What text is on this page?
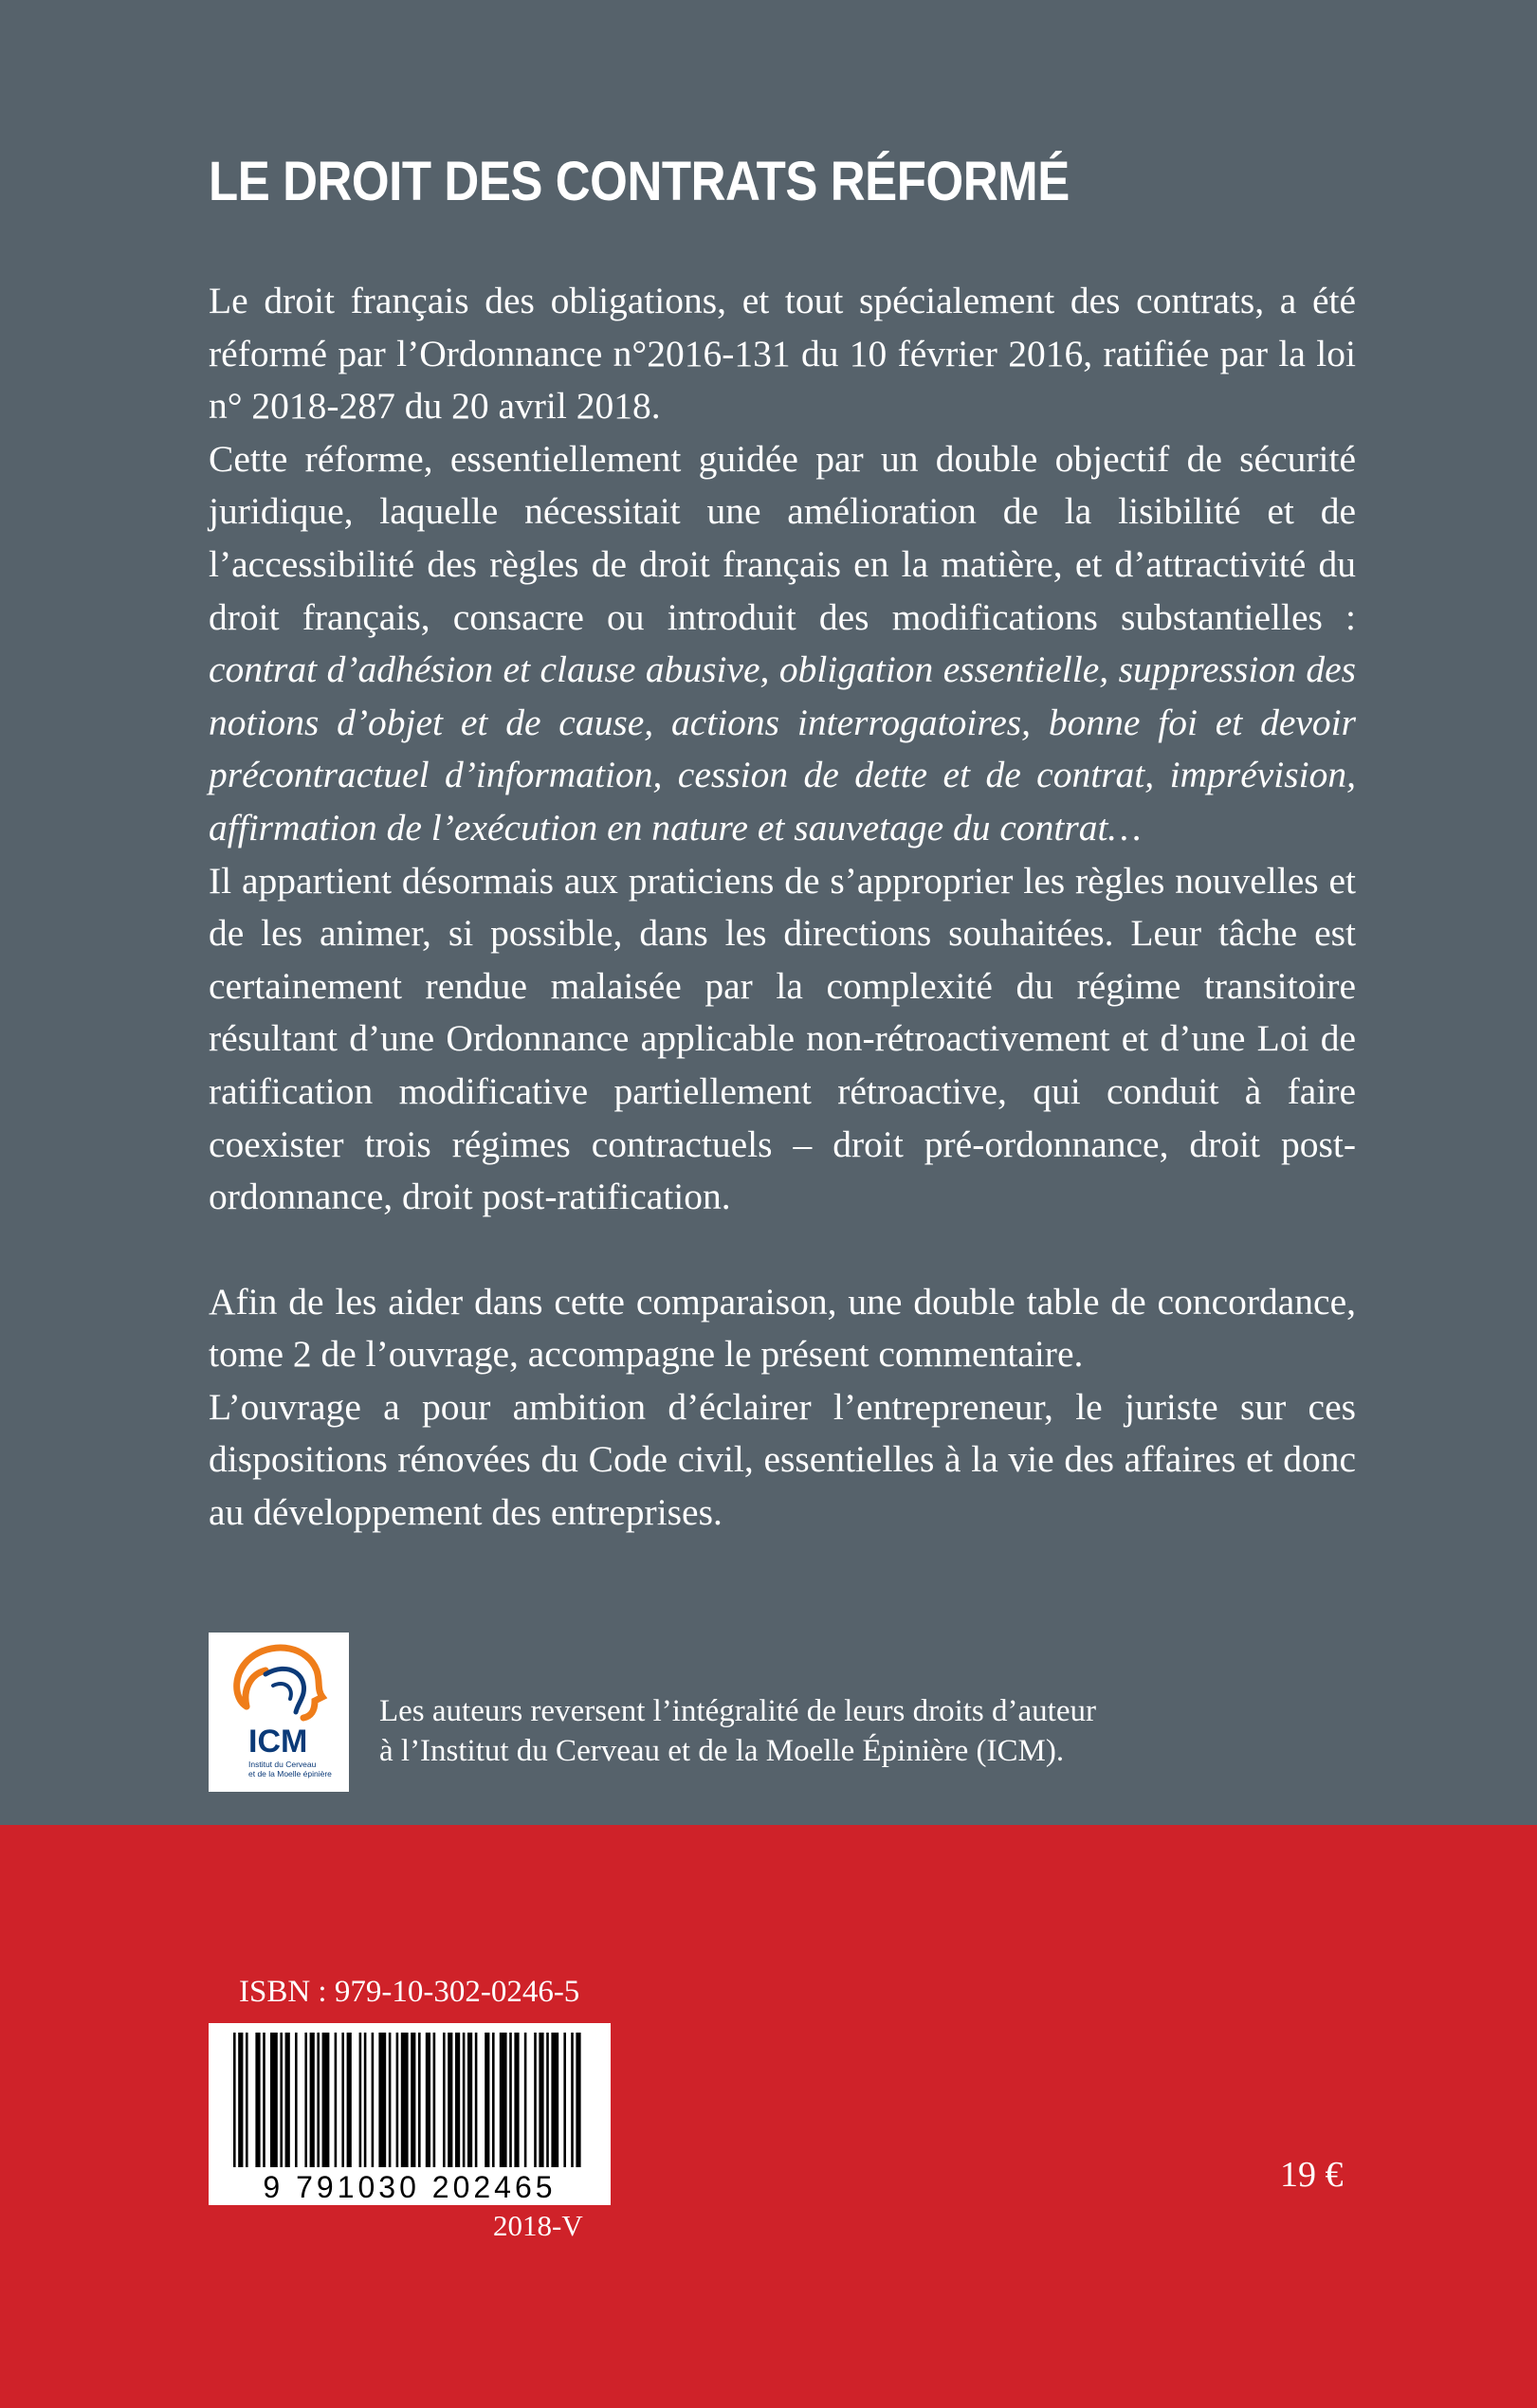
LE DROIT DES CONTRATS RÉFORMÉ

Le droit français des obligations, et tout spécialement des contrats, a été réformé par l’Ordonnance n°2016-131 du 10 février 2016, ratifiée par la loi n° 2018-287 du 20 avril 2018.

Cette réforme, essentiellement guidée par un double objectif de sécurité juridique, laquelle nécessitait une amélioration de la lisibilité et de l’accessibilité des règles de droit français en la matière, et d’attractivité du droit français, consacre ou introduit des modifications substantielles : contrat d’adhésion et clause abusive, obligation essentielle, suppression des notions d’objet et de cause, actions interrogatoires, bonne foi et devoir précontractuel d’information, cession de dette et de contrat, imprévision, affirmation de l’exécution en nature et sauvetage du contrat…

Il appartient désormais aux praticiens de s’approprier les règles nouvelles et de les animer, si possible, dans les directions souhaitées. Leur tâche est certainement rendue malaisée par la complexité du régime transitoire résultant d’une Ordonnance applicable non-rétroactivement et d’une Loi de ratification modificative partiellement rétroactive, qui conduit à faire coexister trois régimes contractuels – droit pré-ordonnance, droit post-ordonnance, droit post-ratification.

Afin de les aider dans cette comparaison, une double table de concordance, tome 2 de l’ouvrage, accompagne le présent commentaire.

L’ouvrage a pour ambition d’éclairer l’entrepreneur, le juriste sur ces dispositions rénovées du Code civil, essentielles à la vie des affaires et donc au développement des entreprises.

ICM
Institut du Cerveau
et de la Moelle épinière

Les auteurs reversent l’intégralité de leurs droits d’auteur

à l’Institut du Cerveau et de la Moelle Épinière (ICM).

ISBN : 979-10-302-0246-5
9 791030 202465
2018-V
19 €
